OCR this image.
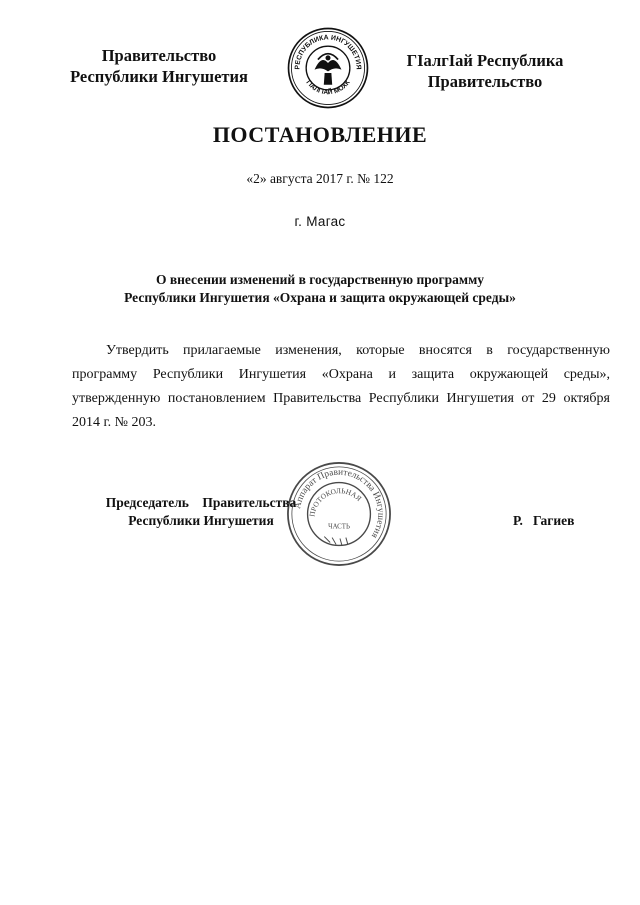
Правительство
Республики Ингушетия	РЕСПУБЛИКА ИНГУШЕТИЯ
ГIАЛГIАЙ МОХК
ГIалгIай Республика
Правительство
ПОСТАНОВЛЕНИЕ
«2» августа 2017 г. № 122
г. Магас
О внесении изменений в государственную программу
Республики Ингушетия «Охрана и защита окружающей среды»
Утвердить прилагаемые изменения, которые вносятся в государственную программу Республики Ингушетия «Охрана и защита окружающей среды», утвержденную постановлением Правительства Республики Ингушетия от 29 октября 2014 г. № 203.
Председатель    Правительства
Республики Ингушетия
Аппарат Правительства Ингушетия
ПРОТОКОЛЬНАЯ
ЧАСТЬ	Р.   Гагиев
